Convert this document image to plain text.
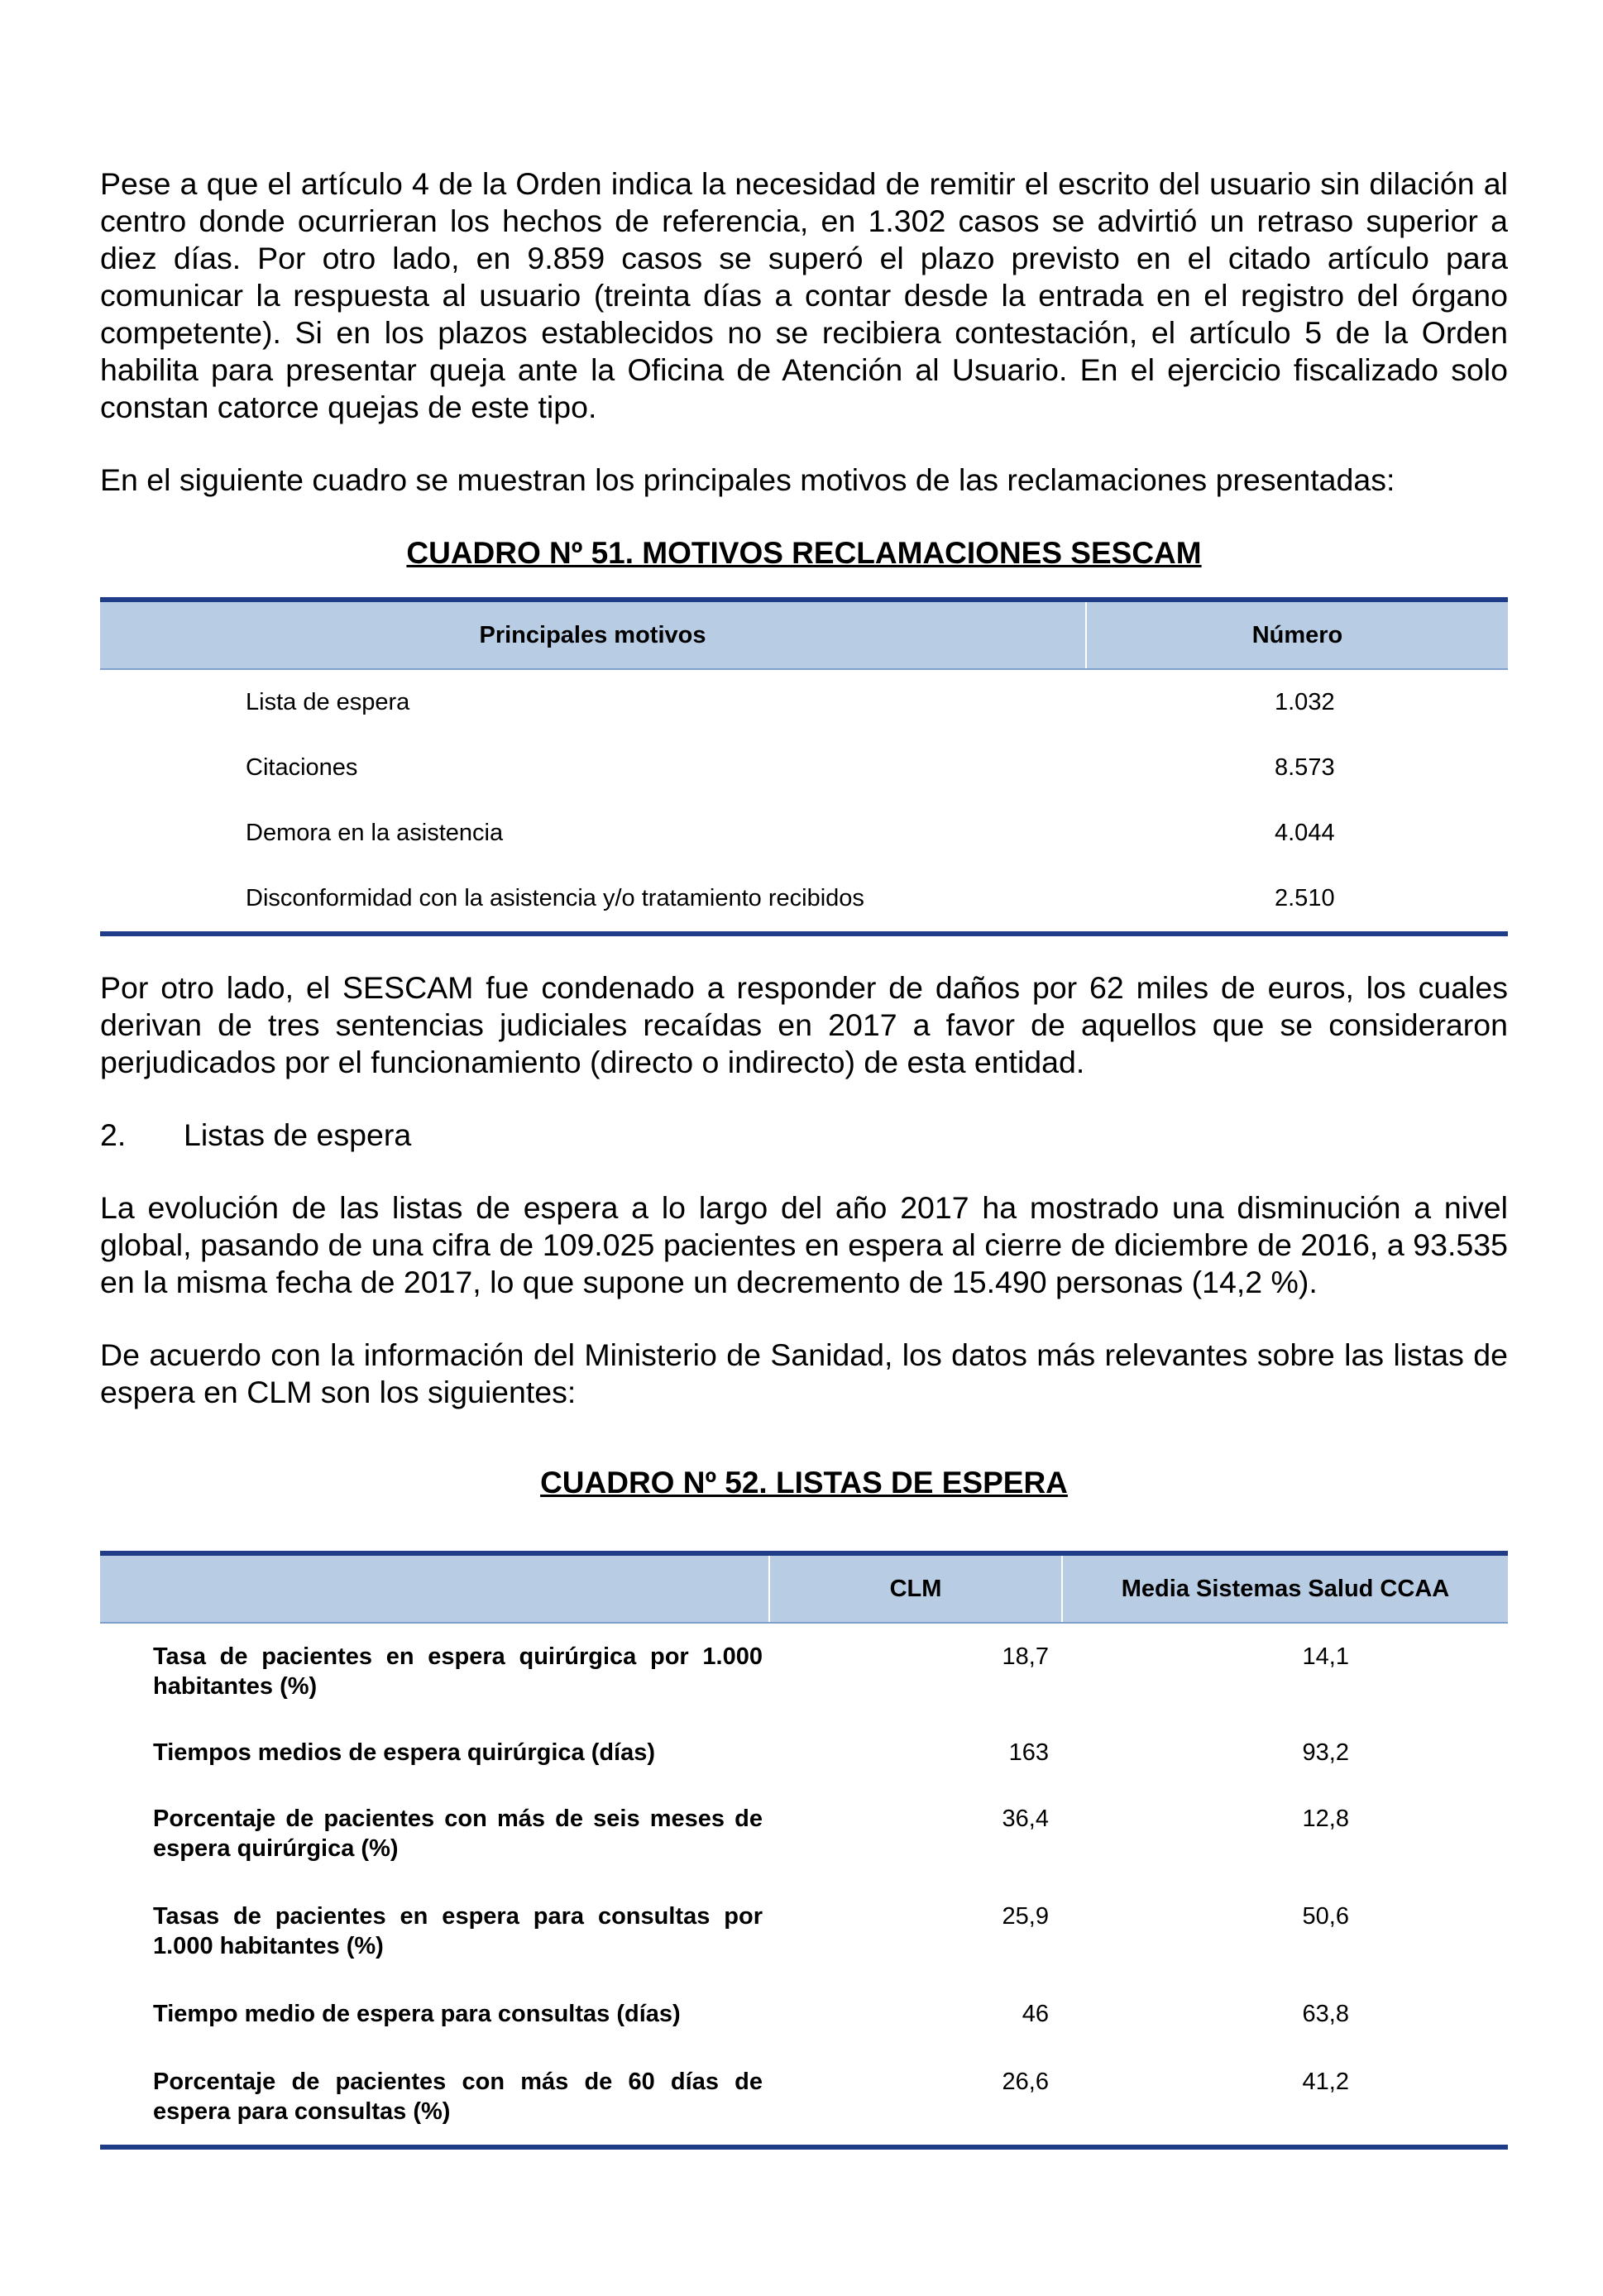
Pese a que el artículo 4 de la Orden indica la necesidad de remitir el escrito del usuario sin dilación al centro donde ocurrieran los hechos de referencia, en 1.302 casos se advirtió un retraso superior a diez días. Por otro lado, en 9.859 casos se superó el plazo previsto en el citado artículo para comunicar la respuesta al usuario (treinta días a contar desde la entrada en el registro del órgano competente). Si en los plazos establecidos no se recibiera contestación, el artículo 5 de la Orden habilita para presentar queja ante la Oficina de Atención al Usuario. En el ejercicio fiscalizado solo constan catorce quejas de este tipo.

En el siguiente cuadro se muestran los principales motivos de las reclamaciones presentadas:

CUADRO Nº 51. MOTIVOS RECLAMACIONES SESCAM

Principales motivos	Número
Lista de espera	1.032
Citaciones	8.573
Demora en la asistencia	4.044
Disconformidad con la asistencia y/o tratamiento recibidos	2.510

Por otro lado, el SESCAM fue condenado a responder de daños por 62 miles de euros, los cuales derivan de tres sentencias judiciales recaídas en 2017 a favor de aquellos que se consideraron perjudicados por el funcionamiento (directo o indirecto) de esta entidad.

2. Listas de espera

La evolución de las listas de espera a lo largo del año 2017 ha mostrado una disminución a nivel global, pasando de una cifra de 109.025 pacientes en espera al cierre de diciembre de 2016, a 93.535 en la misma fecha de 2017, lo que supone un decremento de 15.490 personas (14,2 %).

De acuerdo con la información del Ministerio de Sanidad, los datos más relevantes sobre las listas de espera en CLM son los siguientes:

CUADRO Nº 52. LISTAS DE ESPERA

	CLM	Media Sistemas Salud CCAA
Tasa de pacientes en espera quirúrgica por 1.000 habitantes (%)	18,7	14,1
Tiempos medios de espera quirúrgica (días)	163	93,2
Porcentaje de pacientes con más de seis meses de espera quirúrgica (%)	36,4	12,8
Tasas de pacientes en espera para consultas por 1.000 habitantes (%)	25,9	50,6
Tiempo medio de espera para consultas (días)	46	63,8
Porcentaje de pacientes con más de 60 días de espera para consultas (%)	26,6	41,2
